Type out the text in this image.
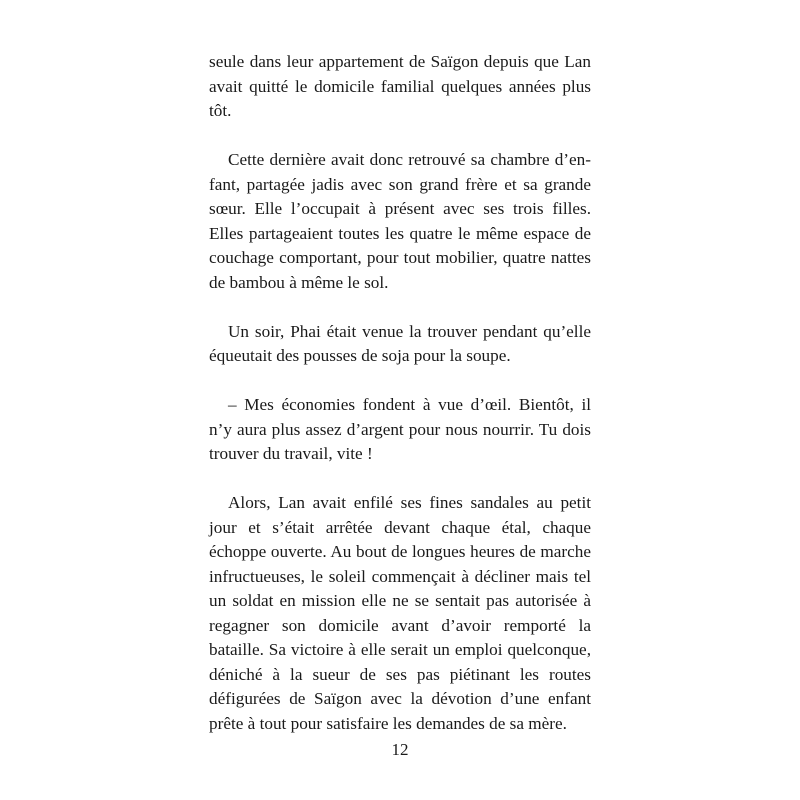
seule dans leur appartement de Saïgon depuis que Lan avait quitté le domicile familial quelques années plus tôt.

Cette dernière avait donc retrouvé sa chambre d’enfant, partagée jadis avec son grand frère et sa grande sœur. Elle l’occupait à présent avec ses trois filles. Elles partageaient toutes les quatre le même espace de couchage comportant, pour tout mobilier, quatre nattes de bambou à même le sol.

Un soir, Phai était venue la trouver pendant qu’elle équeutait des pousses de soja pour la soupe.

– Mes économies fondent à vue d’œil. Bientôt, il n’y aura plus assez d’argent pour nous nourrir. Tu dois trouver du travail, vite !

Alors, Lan avait enfilé ses fines sandales au petit jour et s’était arrêtée devant chaque étal, chaque échoppe ouverte. Au bout de longues heures de marche infructueuses, le soleil commençait à décliner mais tel un soldat en mission elle ne se sentait pas autorisée à regagner son domicile avant d’avoir remporté la bataille. Sa victoire à elle serait un emploi quelconque, déniché à la sueur de ses pas piétinant les routes défigurées de Saïgon avec la dévotion d’une enfant prête à tout pour satisfaire les demandes de sa mère.

12
